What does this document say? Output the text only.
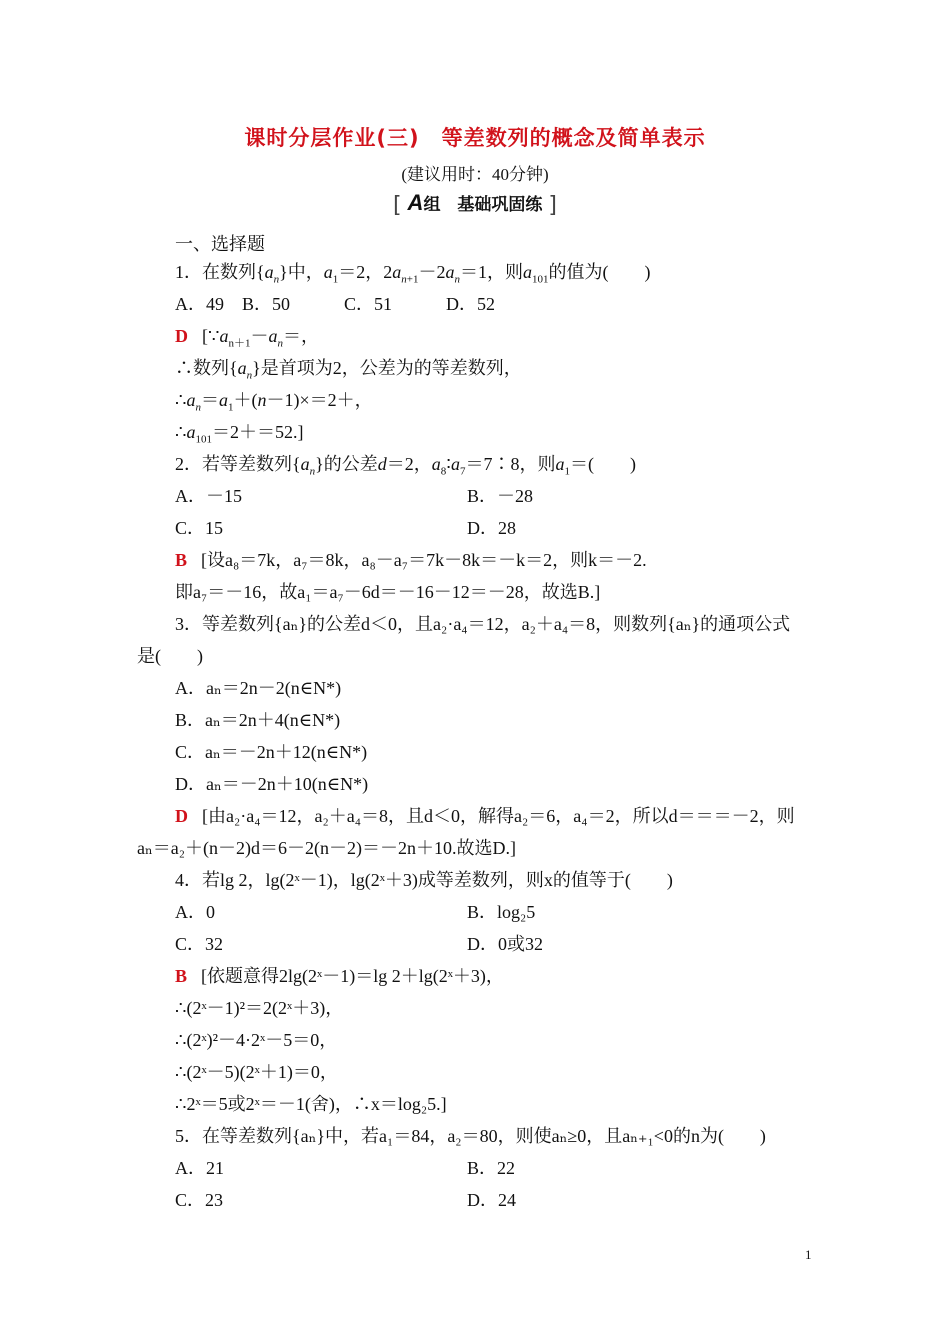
课时分层作业(三)　等差数列的概念及简单表示
(建议用时：40分钟)
[ A组　基础巩固练 ]
一、选择题
1．在数列$\{a_n\}$中，$a_1=2$，$2a_{n+1}-2a_n=1$，则$a_{101}$的值为(　　)
A．49　B．50　　　C．51　　　D．52
D [$\because a_{n+1}-a_n=$，
∴数列$\{a_n\}$是首项为2，公差为的等差数列，
$\therefore a_n=a_1+(n-1)\times=2+$，
$\therefore a_{101}=2+=52$.]
2．若等差数列$\{a_n\}$的公差d＝2，$a_8∶a_7=7∶8$，则$a_1=$(　　)
A．－15	B．－28
C．15	D．28
B [设a₈＝7k，a₇＝8k，a₈－a₇＝7k－8k＝－k＝2，则k＝－2.
即a₇＝－16，故a₁＝a₇－6d＝－16－12＝－28，故选B.]
3．等差数列{aₙ}的公差d＜0，且a₂·a₄＝12，a₂＋a₄＝8，则数列{aₙ}的通项公式
是(　　)
A．aₙ＝2n－2(n∈N*)
B．aₙ＝2n＋4(n∈N*)
C．aₙ＝－2n＋12(n∈N*)
D．aₙ＝－2n＋10(n∈N*)
D [由a₂·a₄＝12，a₂＋a₄＝8，且d＜0，解得a₂＝6，a₄＝2，所以d＝＝＝－2，则
aₙ＝a₂＋(n－2)d＝6－2(n－2)＝－2n＋10.故选D.]
4．若lg 2，lg(2ˣ－1)，lg(2ˣ＋3)成等差数列，则x的值等于(　　)
A．0	B．log₂5
C．32	D．0或32
B [依题意得2lg(2ˣ－1)＝lg 2＋lg(2ˣ＋3)，
∴(2ˣ－1)²＝2(2ˣ＋3)，
∴(2ˣ)²－4·2ˣ－5＝0，
∴(2ˣ－5)(2ˣ＋1)＝0，
∴2ˣ＝5或2ˣ＝－1(舍)，∴x＝log₂5.]
5．在等差数列{aₙ}中，若a₁＝84，a₂＝80，则使aₙ≥0，且aₙ₊₁<0的n为(　　)
A．21	B．22
C．23	D．24
1
